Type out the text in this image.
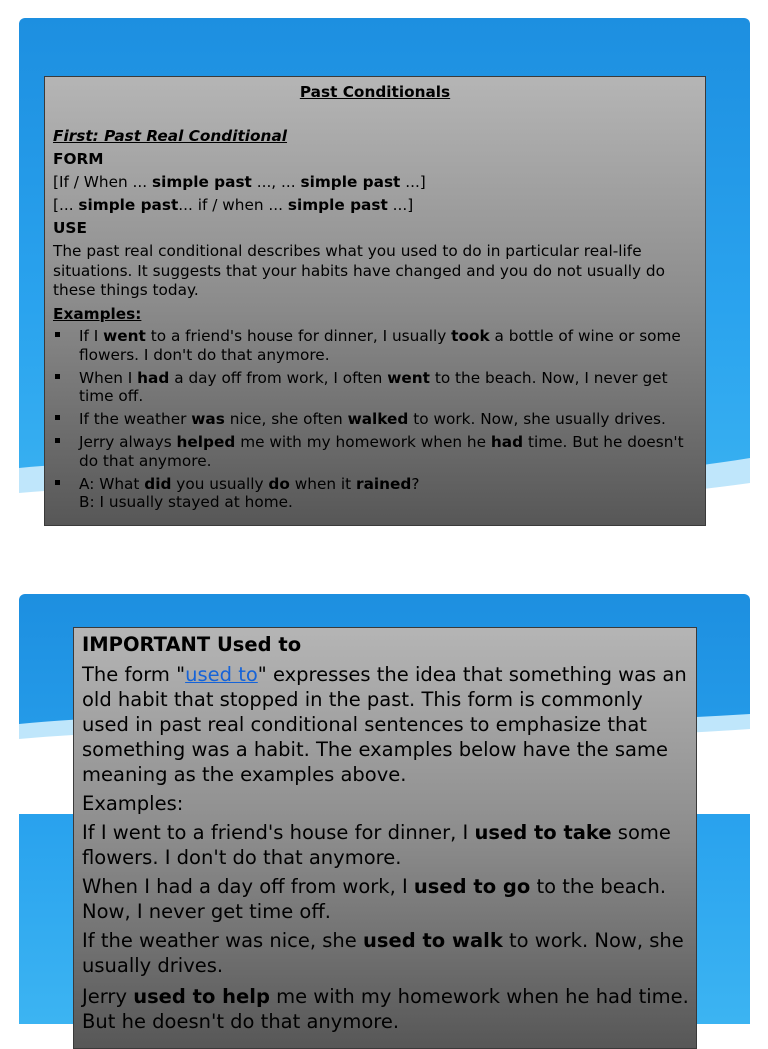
Past Conditionals
First: Past Real Conditional
FORM
[If / When ... simple past ..., ... simple past ...]
[... simple past... if / when ... simple past ...]
USE
The past real conditional describes what you used to do in particular real-life situations. It suggests that your habits have changed and you do not usually do these things today.
Examples:
If I went to a friend's house for dinner, I usually took a bottle of wine or some flowers. I don't do that anymore.
When I had a day off from work, I often went to the beach. Now, I never get time off.
If the weather was nice, she often walked to work. Now, she usually drives.
Jerry always helped me with my homework when he had time. But he doesn't do that anymore.
A: What did you usually do when it rained?
B: I usually stayed at home.
IMPORTANT Used to
The form "used to" expresses the idea that something was an old habit that stopped in the past. This form is commonly used in past real conditional sentences to emphasize that something was a habit. The examples below have the same meaning as the examples above.
Examples:
If I went to a friend's house for dinner, I used to take some flowers. I don't do that anymore.
When I had a day off from work, I used to go to the beach. Now, I never get time off.
If the weather was nice, she used to walk to work. Now, she usually drives.
Jerry used to help me with my homework when he had time. But he doesn't do that anymore.
